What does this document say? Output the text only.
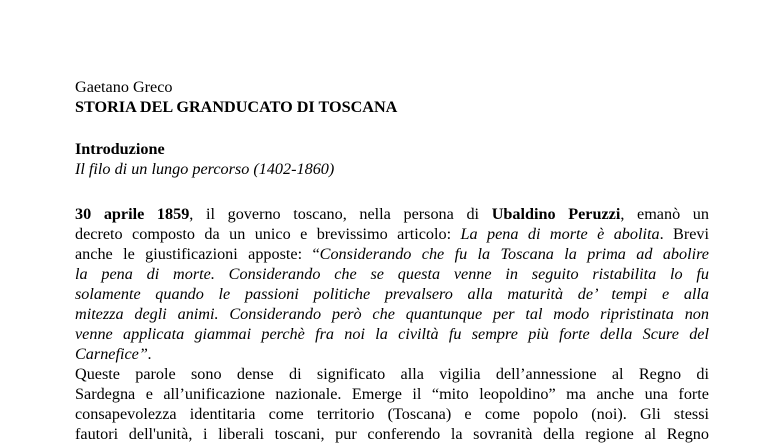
Gaetano Greco
STORIA DEL GRANDUCATO DI TOSCANA
Introduzione
Il filo di un lungo percorso (1402-1860)
30 aprile 1859, il governo toscano, nella persona di Ubaldino Peruzzi, emanò un
decreto composto da un unico e brevissimo articolo: La pena di morte è abolita. Brevi
anche le giustificazioni apposte: “Considerando che fu la Toscana la prima ad abolire
la pena di morte. Considerando che se questa venne in seguito ristabilita lo fu
solamente quando le passioni politiche prevalsero alla maturità de’ tempi e alla
mitezza degli animi. Considerando però che quantunque per tal modo ripristinata non
venne applicata giammai perchè fra noi la civiltà fu sempre più forte della Scure del
Carnefice”.
Queste parole sono dense di significato alla vigilia dell’annessione al Regno di
Sardegna e all’unificazione nazionale. Emerge il “mito leopoldino” ma anche una forte
consapevolezza identitaria come territorio (Toscana) e come popolo (noi). Gli stessi
fautori dell'unità, i liberali toscani, pur conferendo la sovranità della regione al Regno
